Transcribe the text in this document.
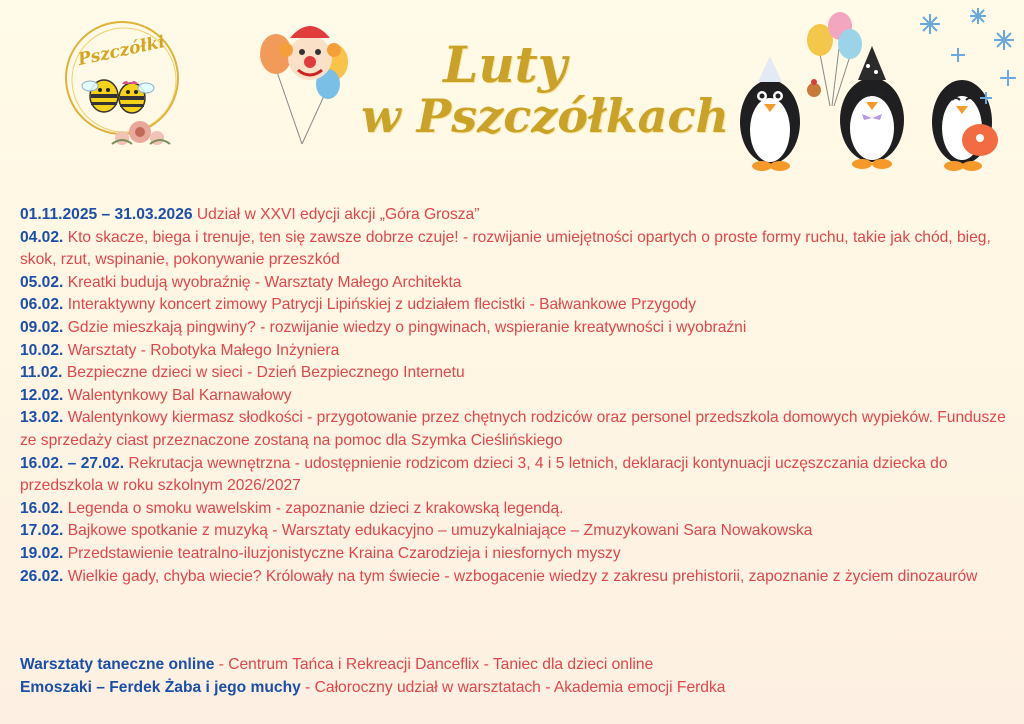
Pszczółki	Luty
w Pszczółkach

01.11.2025 – 31.03.2026 Udział w XXVI edycji akcji „Góra Grosza”

04.02. Kto skacze, biega i trenuje, ten się zawsze dobrze czuje! - rozwijanie umiejętności opartych o proste formy ruchu, takie jak chód, bieg, skok, rzut, wspinanie, pokonywanie przeszkód

05.02. Kreatki budują wyobraźnię - Warsztaty Małego Architekta

06.02. Interaktywny koncert zimowy Patrycji Lipińskiej z udziałem flecistki - Bałwankowe Przygody

09.02. Gdzie mieszkają pingwiny? - rozwijanie wiedzy o pingwinach, wspieranie kreatywności i wyobraźni

10.02. Warsztaty - Robotyka Małego Inżyniera

11.02. Bezpieczne dzieci w sieci - Dzień Bezpiecznego Internetu

12.02. Walentynkowy Bal Karnawałowy

13.02. Walentynkowy kiermasz słodkości - przygotowanie przez chętnych rodziców oraz personel przedszkola domowych wypieków. Fundusze ze sprzedaży ciast przeznaczone zostaną na pomoc dla Szymka Cieślińskiego

16.02. – 27.02. Rekrutacja wewnętrzna - udostępnienie rodzicom dzieci 3, 4 i 5 letnich, deklaracji kontynuacji uczęszczania dziecka do przedszkola w roku szkolnym 2026/2027

16.02. Legenda o smoku wawelskim - zapoznanie dzieci z krakowską legendą.

17.02. Bajkowe spotkanie z muzyką - Warsztaty edukacyjno – umuzykalniające – Zmuzykowani Sara Nowakowska

19.02. Przedstawienie teatralno-iluzjonistyczne Kraina Czarodzieja i niesfornych myszy

26.02. Wielkie gady, chyba wiecie? Królowały na tym świecie - wzbogacenie wiedzy z zakresu prehistorii, zapoznanie z życiem dinozaurów

Warsztaty taneczne online - Centrum Tańca i Rekreacji Danceflix - Taniec dla dzieci online

Emoszaki – Ferdek Żaba i jego muchy - Całoroczny udział w warsztatach - Akademia emocji Ferdka
